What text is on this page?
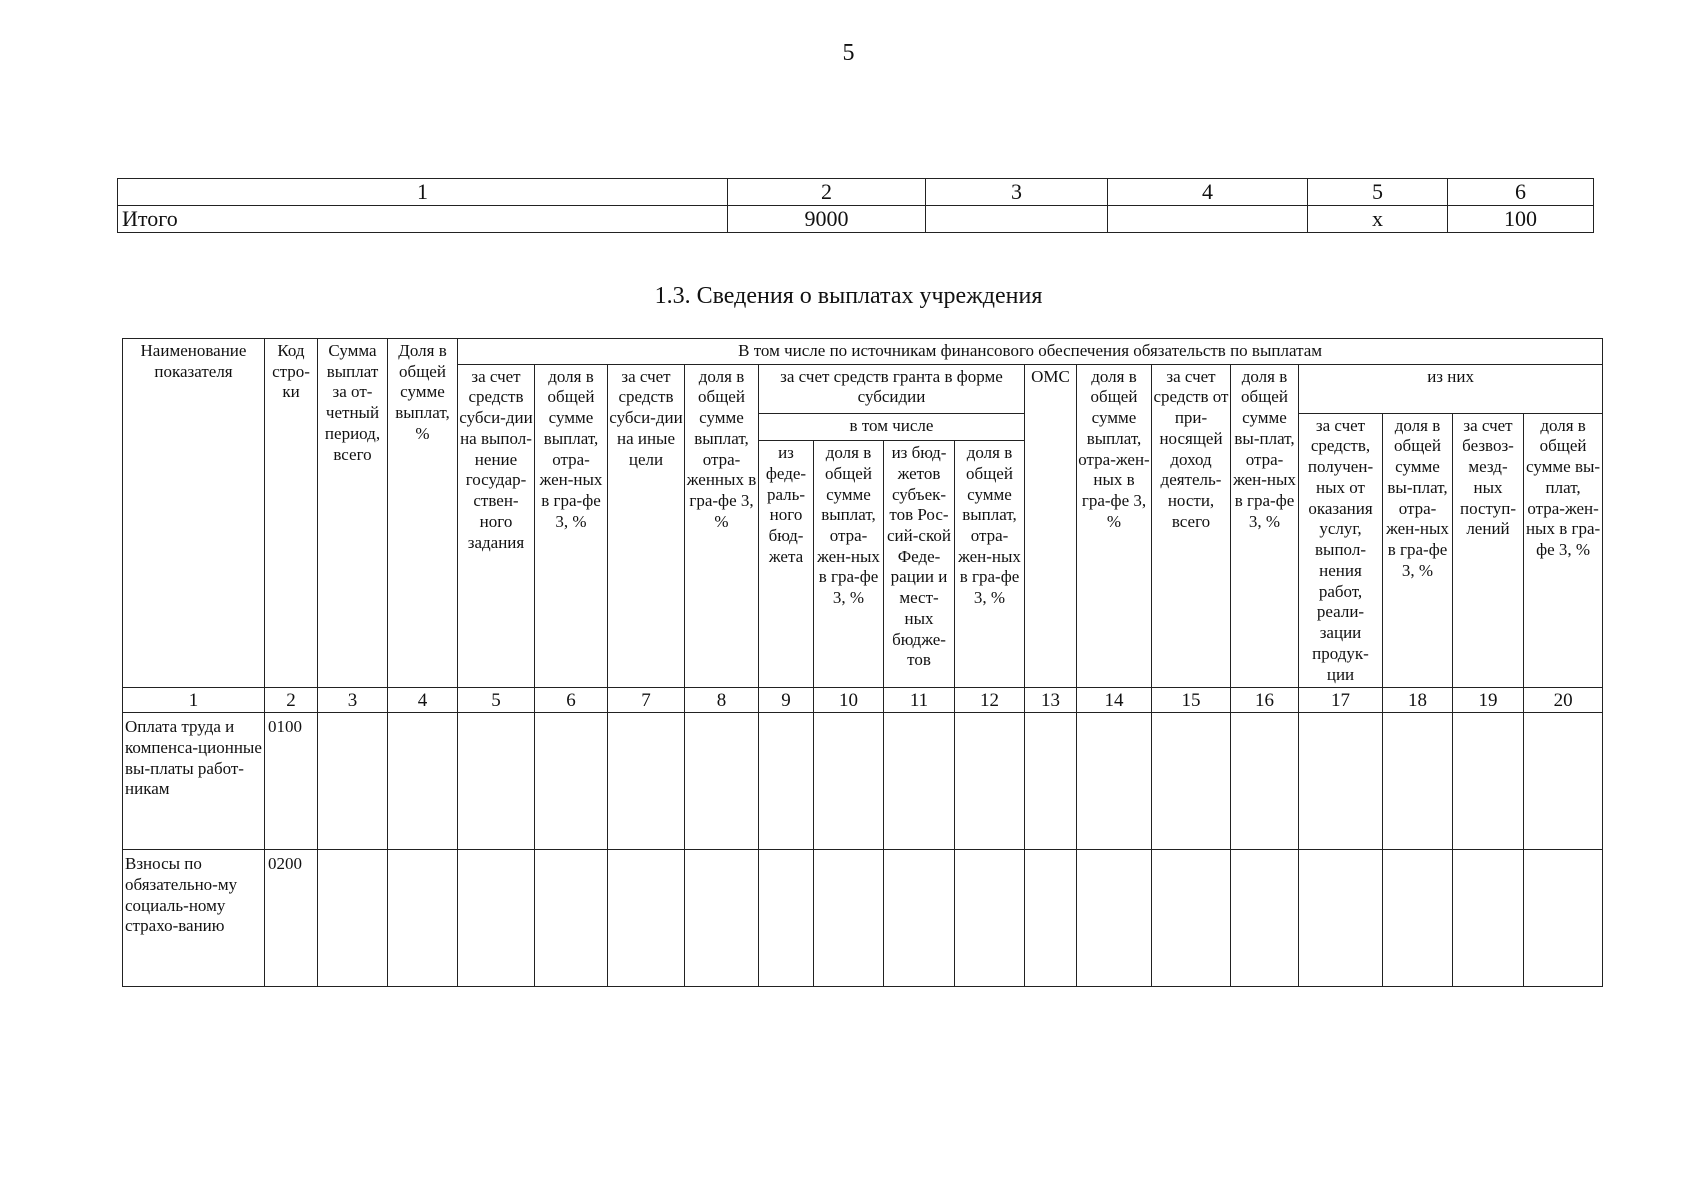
5
1	2	3	4	5	6
Итого	9000			х	100
1.3. Сведения о выплатах учреждения
Наименование показателя	Код стро-ки	Сумма выплат за от-четный период, всего	Доля в общей сумме выплат, %	В том числе по источникам финансового обеспечения обязательств по выплатам															
				за счет средств субси-дии на выпол-нение государ-ствен-ного задания	доля в общей сумме выплат, отра-жен-ных в гра-фе 3, %	за счет средств субси-дии на иные цели	доля в общей сумме выплат, отра-женных в гра-фе 3, %	за счет средств гранта в форме субсидии				ОМС	доля в общей сумме выплат, отра-жен-ных в гра-фе 3, %	за счет средств от при-носящей доход деятель-ности, всего	доля в общей сумме вы-плат, отра-жен-ных в гра-фе 3, %	из них			
								в том числе								за счет средств, получен-ных от оказания услуг, выпол-нения работ, реали-зации продук-ции	доля в общей сумме вы-плат, отра-жен-ных в гра-фе 3, %	за счет безвоз-мезд-ных поступ-лений	доля в общей сумме вы-плат, отра-жен-ных в гра-фе 3, %
								из феде-раль-ного бюд-жета	доля в общей сумме выплат, отра-жен-ных в гра-фе 3, %	из бюд-жетов субъек-тов Рос-сий-ской Феде-рации и мест-ных бюдже-тов	доля в общей сумме выплат, отра-жен-ных в гра-фе 3, %								
1	2	3	4	5	6	7	8	9	10	11	12	13	14	15	16	17	18	19	20
Оплата труда и компенса-ционные вы-платы работ-никам	0100																		
Взносы по обязательно-му социаль-ному страхо-ванию	0200																		
